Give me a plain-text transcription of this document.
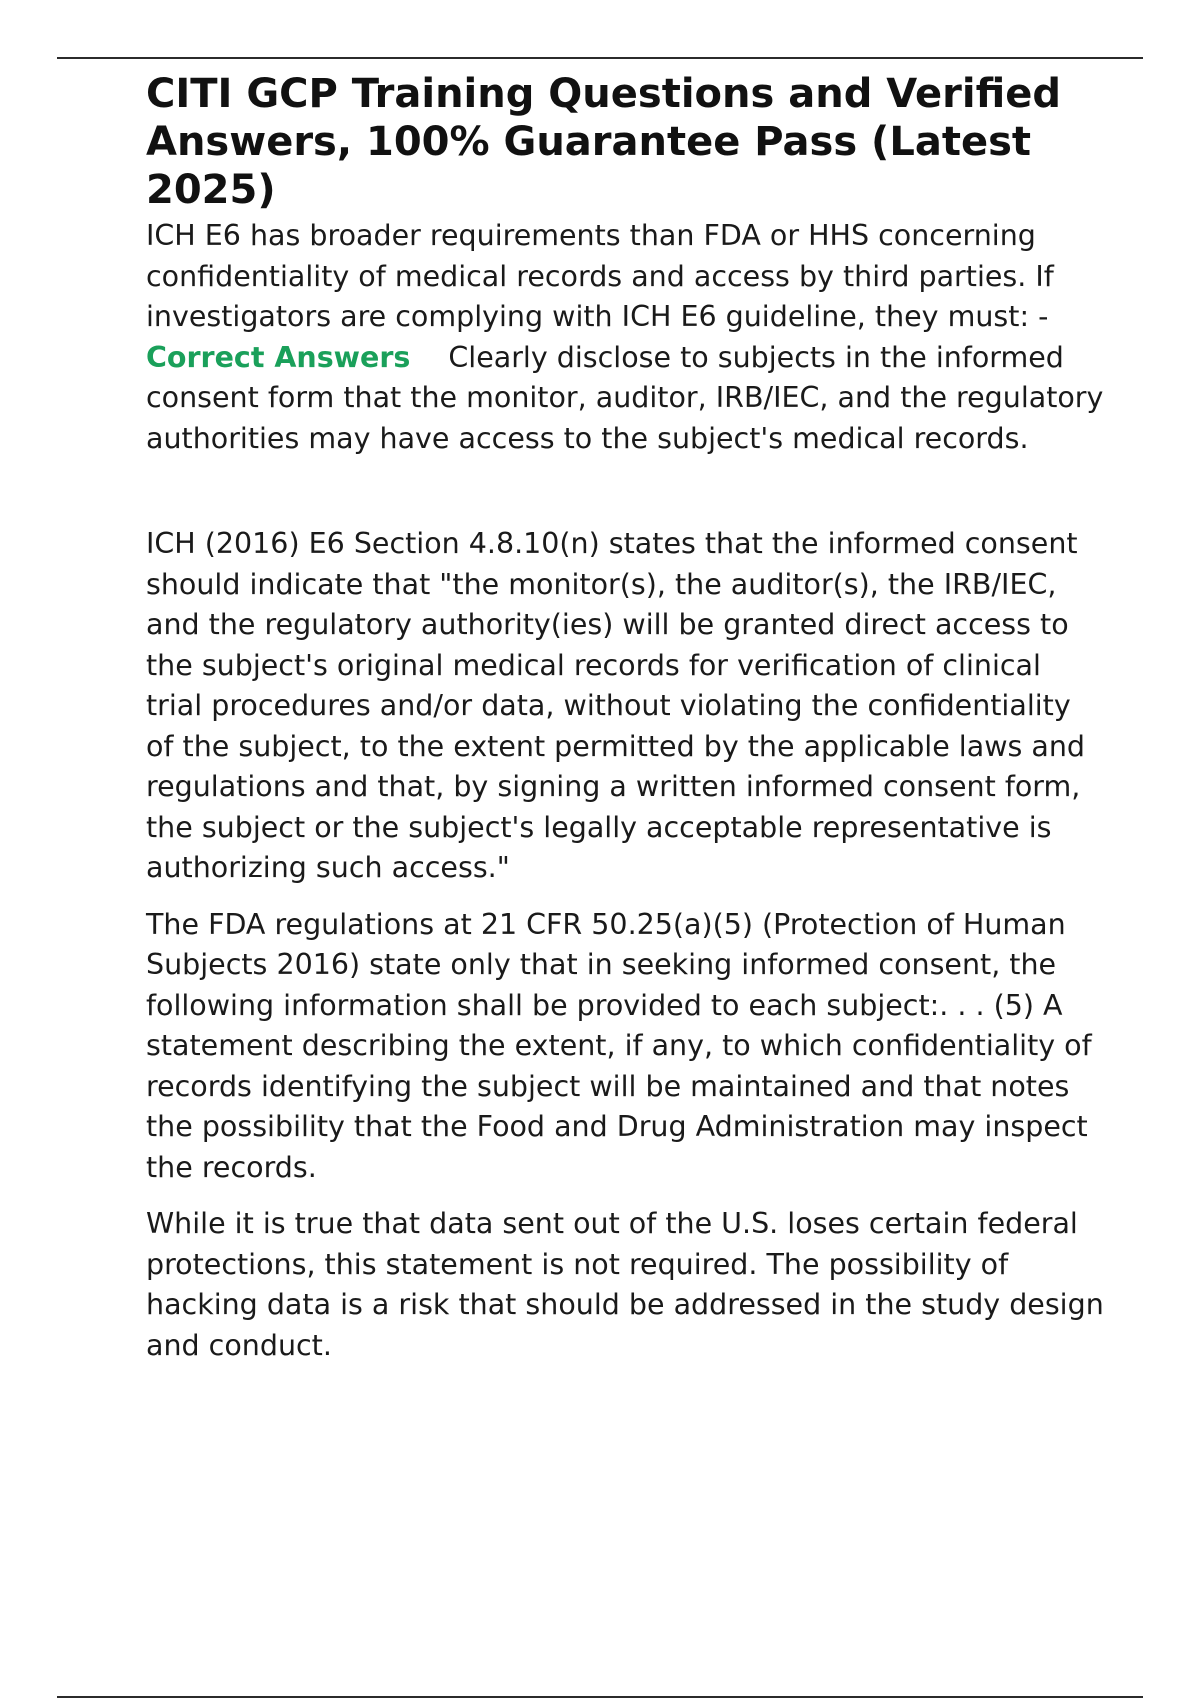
CITI GCP Training Questions and Verified Answers, 100% Guarantee Pass (Latest 2025)

ICH E6 has broader requirements than FDA or HHS concerning confidentiality of medical records and access by third parties. If investigators are complying with ICH E6 guideline, they must: - Correct Answers Clearly disclose to subjects in the informed consent form that the monitor, auditor, IRB/IEC, and the regulatory authorities may have access to the subject's medical records.

ICH (2016) E6 Section 4.8.10(n) states that the informed consent should indicate that "the monitor(s), the auditor(s), the IRB/IEC, and the regulatory authority(ies) will be granted direct access to the subject's original medical records for verification of clinical trial procedures and/or data, without violating the confidentiality of the subject, to the extent permitted by the applicable laws and regulations and that, by signing a written informed consent form, the subject or the subject's legally acceptable representative is authorizing such access."

The FDA regulations at 21 CFR 50.25(a)(5) (Protection of Human Subjects 2016) state only that in seeking informed consent, the following information shall be provided to each subject:. . . (5) A statement describing the extent, if any, to which confidentiality of records identifying the subject will be maintained and that notes the possibility that the Food and Drug Administration may inspect the records.

While it is true that data sent out of the U.S. loses certain federal protections, this statement is not required. The possibility of hacking data is a risk that should be addressed in the study design and conduct.
